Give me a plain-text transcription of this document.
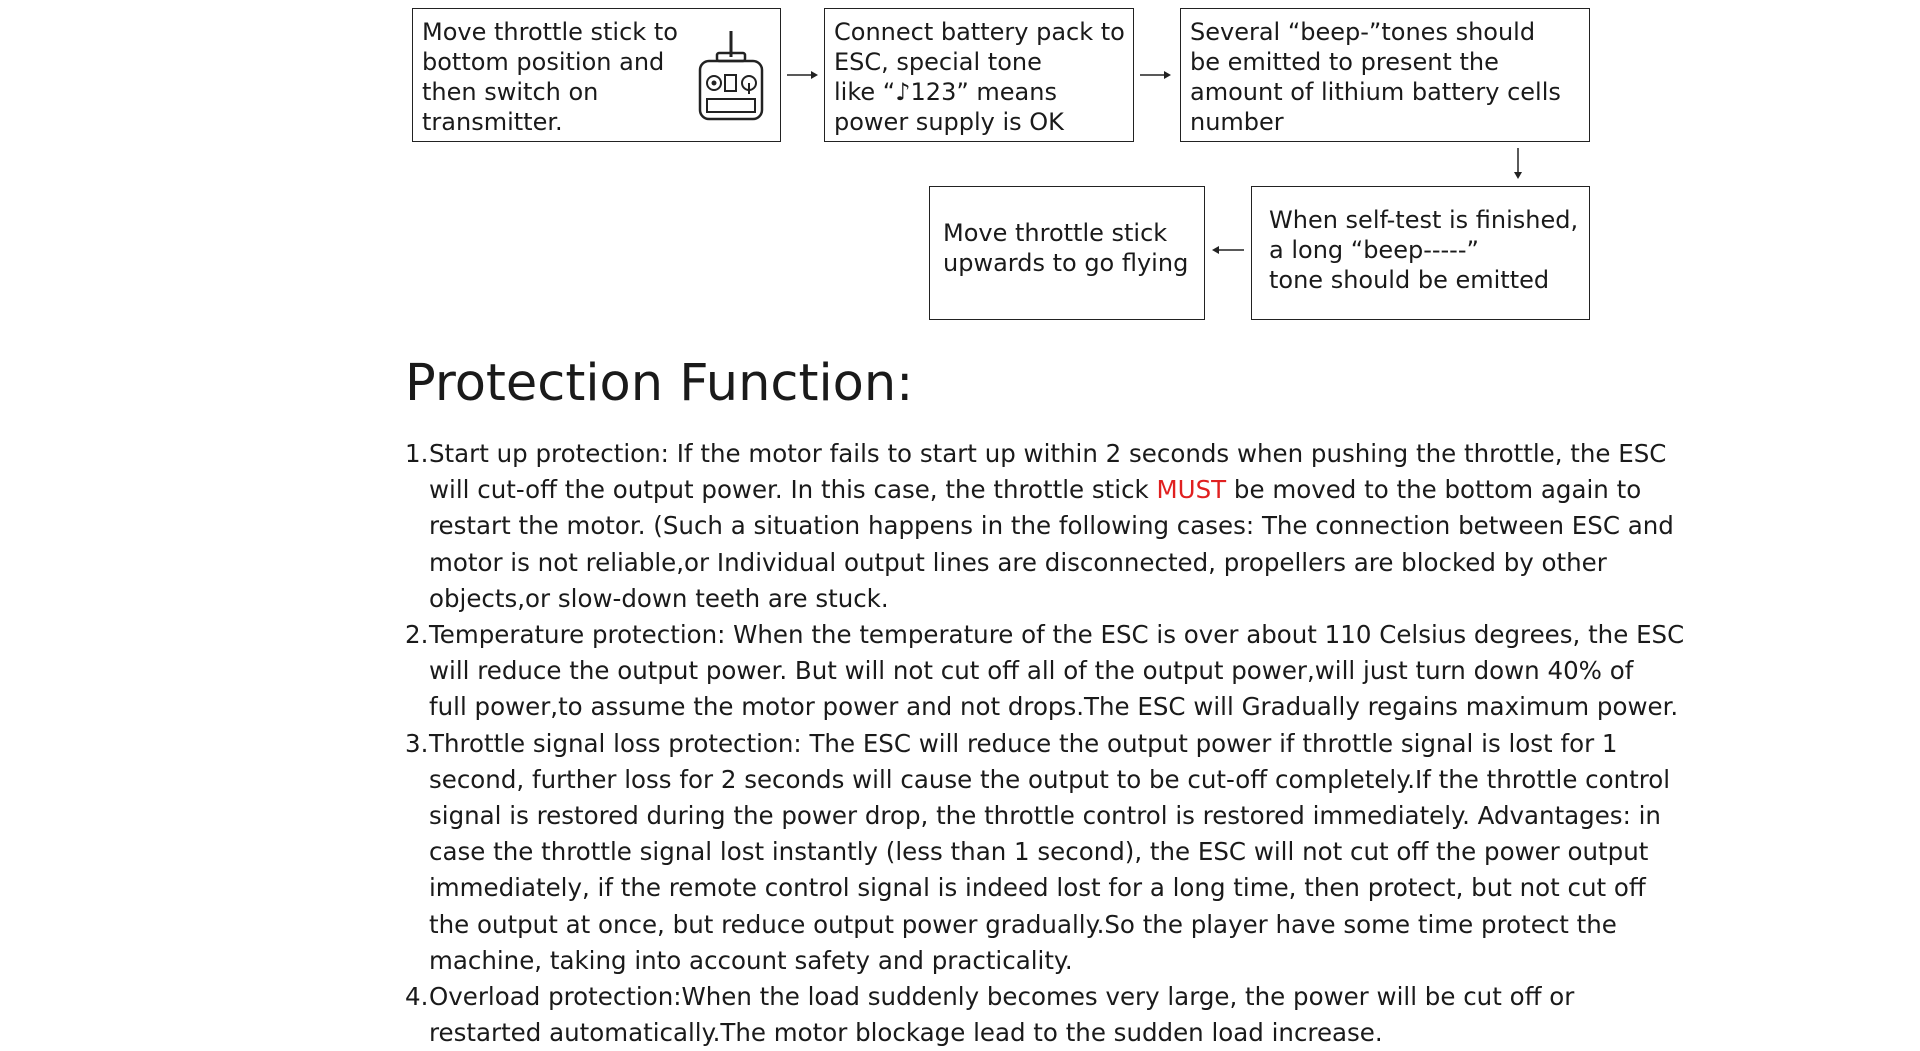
Move throttle stick to
bottom position and
then switch on
transmitter.
Connect battery pack to
ESC, special tone
like “♪123” means
power supply is OK
Several “beep-”tones should
be emitted to present the
amount of lithium battery cells
number
When self-test is finished,
a long “beep-----”
tone should be emitted
Move throttle stick
upwards to go flying
Protection Function:
1. Start up protection: If the motor fails to start up within 2 seconds when pushing the throttle, the ESC
will cut-off the output power. In this case, the throttle stick MUST be moved to the bottom again to
restart the motor. (Such a situation happens in the following cases: The connection between ESC and
motor is not reliable,or Individual output lines are disconnected, propellers are blocked by other
objects,or slow-down teeth are stuck.
2. Temperature protection: When the temperature of the ESC is over about 110 Celsius degrees, the ESC
will reduce the output power. But will not cut off all of the output power,will just turn down 40% of
full power,to assume the motor power and not drops.The ESC will Gradually regains maximum power.
3. Throttle signal loss protection: The ESC will reduce the output power if throttle signal is lost for 1
second, further loss for 2 seconds will cause the output to be cut-off completely.If the throttle control
signal is restored during the power drop, the throttle control is restored immediately. Advantages: in
case the throttle signal lost instantly (less than 1 second), the ESC will not cut off the power output
immediately, if the remote control signal is indeed lost for a long time, then protect, but not cut off
the output at once, but reduce output power gradually.So the player have some time protect the
machine, taking into account safety and practicality.
4. Overload protection:When the load suddenly becomes very large, the power will be cut off or
restarted automatically.The motor blockage lead to the sudden load increase.
